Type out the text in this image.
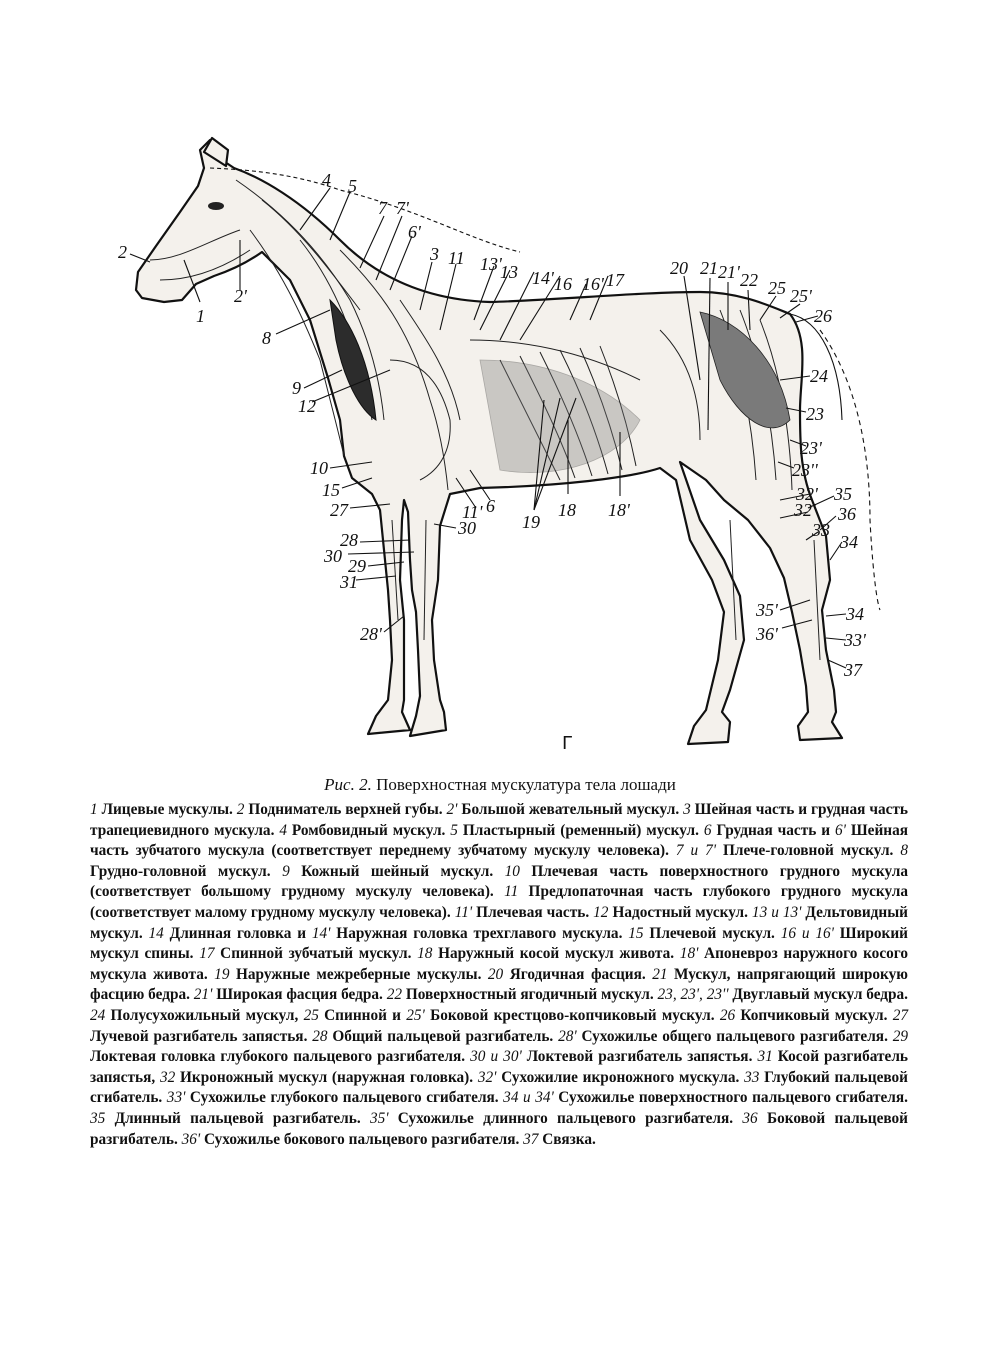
1
2
2'
3
4 5
6
6'
7 7'
8
9
10
11
11'
12
13
13'
14'
15
16 16' 17
18 18'
19
20 21 21' 22
23
23'
23''
24
25 25'
26
27
28
28'
29
30
30
31
32'
32'
33
33'
34
34
35
35'
36
36'
37
ᒥ
Рис. 2. Поверхностная мускулатура тела лошади
1 Лицевые мускулы. 2 Подниматель верхней губы. 2' Большой жевательный мускул. 3 Шейная часть и грудная часть трапециевидного мускула. 4 Ромбовидный мускул. 5 Пластырный (ременный) мускул. 6 Грудная часть и 6' Шейная часть зубчатого мускула (соответствует переднему зубчатому мускулу человека). 7 и 7' Плече-головной мускул. 8 Грудно-головной мускул. 9 Кожный шейный мускул. 10 Плечевая часть поверхностного грудного мускула (соответствует большому грудному мускулу человека). 11 Предлопаточная часть глубокого грудного мускула (соответствует малому грудному мускулу человека). 11' Плечевая часть. 12 Надостный мускул. 13 и 13' Дельтовидный мускул. 14 Длинная головка и 14' Наружная головка трехглавого мускула. 15 Плечевой мускул. 16 и 16' Широкий мускул спины. 17 Спинной зубчатый мускул. 18 Наружный косой мускул живота. 18' Апоневроз наружного косого мускула живота. 19 Наружные межреберные мускулы. 20 Ягодичная фасция. 21 Мускул, напрягающий широкую фасцию бедра. 21' Широкая фасция бедра. 22 Поверхностный ягодичный мускул. 23, 23', 23'' Двуглавый мускул бедра. 24 Полусухожильный мускул, 25 Спинной и 25' Боковой крестцово-копчиковый мускул. 26 Копчиковый мускул. 27 Лучевой разгибатель запястья. 28 Общий пальцевой разгибатель. 28' Сухожилье общего пальцевого разгибателя. 29 Локтевая головка глубокого пальцевого разгибателя. 30 и 30' Локтевой разгибатель запястья. 31 Косой разгибатель запястья, 32 Икроножный мускул (наружная головка). 32' Сухожилие икроножного мускула. 33 Глубокий пальцевой сгибатель. 33' Сухожилье глубокого пальцевого сгибателя. 34 и 34' Сухожилье поверхностного пальцевого сгибателя. 35 Длинный пальцевой разгибатель. 35' Сухожилье длинного пальцевого разгибателя. 36 Боковой пальцевой разгибатель. 36' Сухожилье бокового пальцевого разгибателя. 37 Связка.
